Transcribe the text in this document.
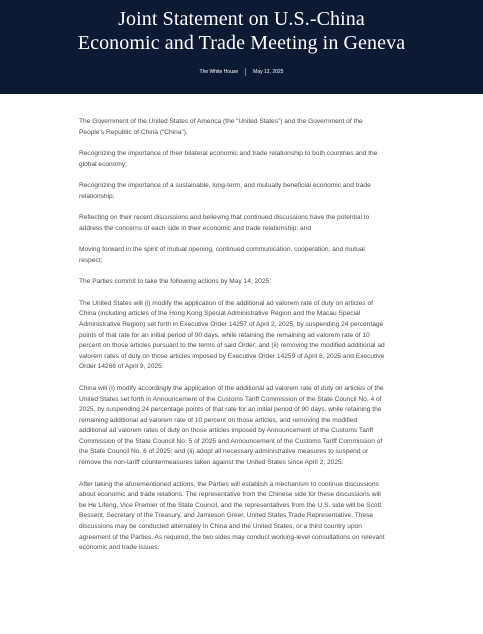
Joint Statement on U.S.-China
Economic and Trade Meeting in Geneva
The White House	May 12, 2025

The Government of the United States of America (the “United States”) and the Government of the People’s Republic of China (“China”),

Recognizing the importance of their bilateral economic and trade relationship to both countries and the global economy;

Recognizing the importance of a sustainable, long-term, and mutually beneficial economic and trade relationship;

Reflecting on their recent discussions and believing that continued discussions have the potential to address the concerns of each side in their economic and trade relationship; and

Moving forward in the spirit of mutual opening, continued communication, cooperation, and mutual respect;

The Parties commit to take the following actions by May 14, 2025:

The United States will (i) modify the application of the additional ad valorem rate of duty on articles of China (including articles of the Hong Kong Special Administrative Region and the Macau Special Administrative Region) set forth in Executive Order 14257 of April 2, 2025, by suspending 24 percentage points of that rate for an initial period of 90 days, while retaining the remaining ad valorem rate of 10 percent on those articles pursuant to the terms of said Order; and (ii) removing the modified additional ad valorem rates of duty on those articles imposed by Executive Order 14259 of April 8, 2025 and Executive Order 14266 of April 9, 2025.

China will (i) modify accordingly the application of the additional ad valorem rate of duty on articles of the United States set forth in Announcement of the Customs Tariff Commission of the State Council No. 4 of 2025, by suspending 24 percentage points of that rate for an initial period of 90 days, while retaining the remaining additional ad valorem rate of 10 percent on those articles, and removing the modified additional ad valorem rates of duty on those articles imposed by Announcement of the Customs Tariff Commission of the State Council No. 5 of 2025 and Announcement of the Customs Tariff Commission of the State Council No. 6 of 2025; and (ii) adopt all necessary administrative measures to suspend or remove the non-tariff countermeasures taken against the United States since April 2, 2025.

After taking the aforementioned actions, the Parties will establish a mechanism to continue discussions about economic and trade relations. The representative from the Chinese side for these discussions will be He Lifeng, Vice Premier of the State Council, and the representatives from the U.S. side will be Scott Bessent, Secretary of the Treasury, and Jamieson Greer, United States Trade Representative. These discussions may be conducted alternately in China and the United States, or a third country upon agreement of the Parties. As required, the two sides may conduct working-level consultations on relevant economic and trade issues.
